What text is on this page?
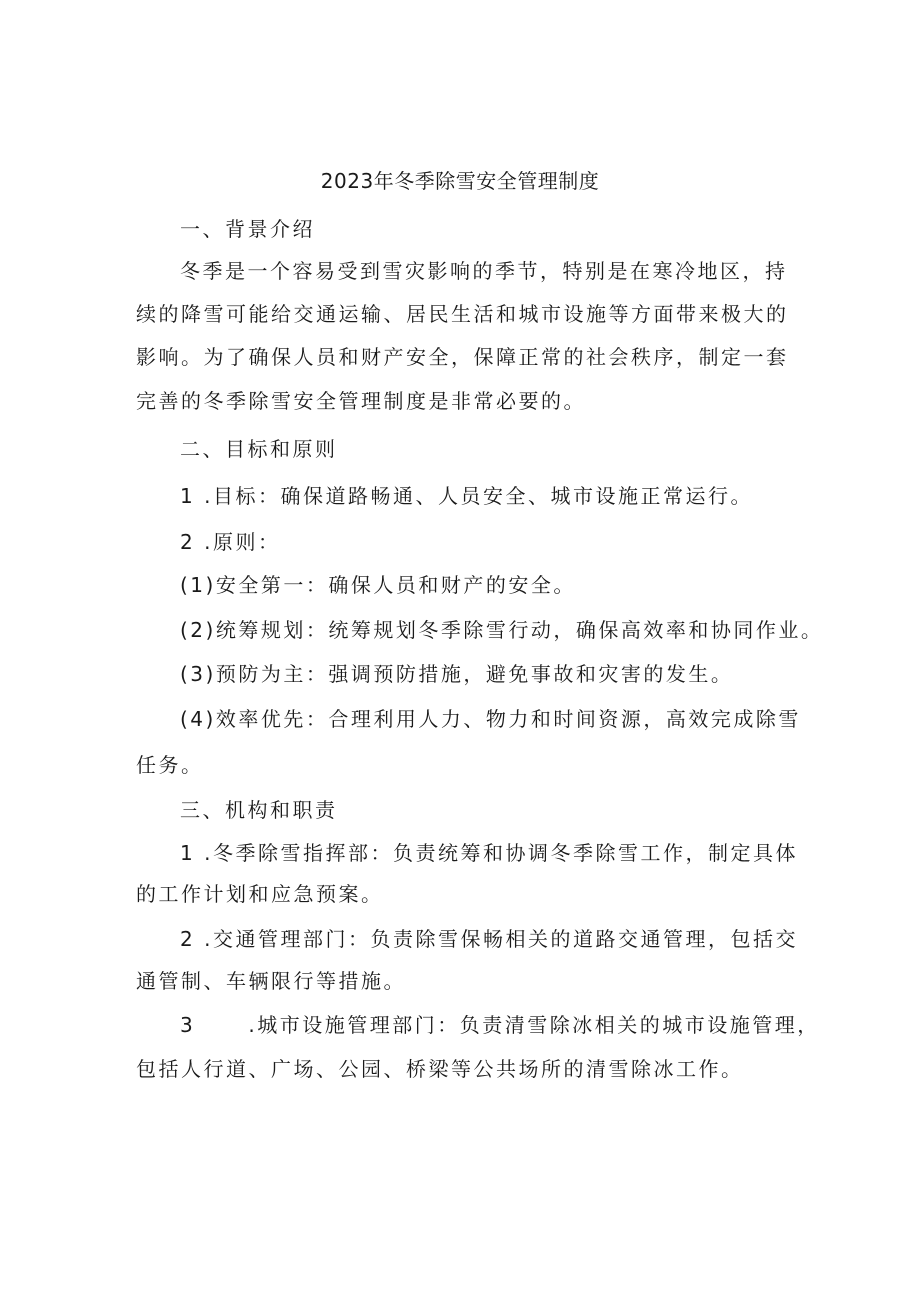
2023年冬季除雪安全管理制度
一、背景介绍
冬季是一个容易受到雪灾影响的季节，特别是在寒冷地区，持
续的降雪可能给交通运输、居民生活和城市设施等方面带来极大的
影响。为了确保人员和财产安全，保障正常的社会秩序，制定一套
完善的冬季除雪安全管理制度是非常必要的。
二、目标和原则
1 .目标：确保道路畅通、人员安全、城市设施正常运行。
2 .原则：
(1)安全第一：确保人员和财产的安全。
(2)统筹规划：统筹规划冬季除雪行动，确保高效率和协同作业。
(3)预防为主：强调预防措施，避免事故和灾害的发生。
(4)效率优先：合理利用人力、物力和时间资源，高效完成除雪
任务。
三、机构和职责
1 .冬季除雪指挥部：负责统筹和协调冬季除雪工作，制定具体
的工作计划和应急预案。
2 .交通管理部门：负责除雪保畅相关的道路交通管理，包括交
通管制、车辆限行等措施。
3      .城市设施管理部门：负责清雪除冰相关的城市设施管理，
包括人行道、广场、公园、桥梁等公共场所的清雪除冰工作。
